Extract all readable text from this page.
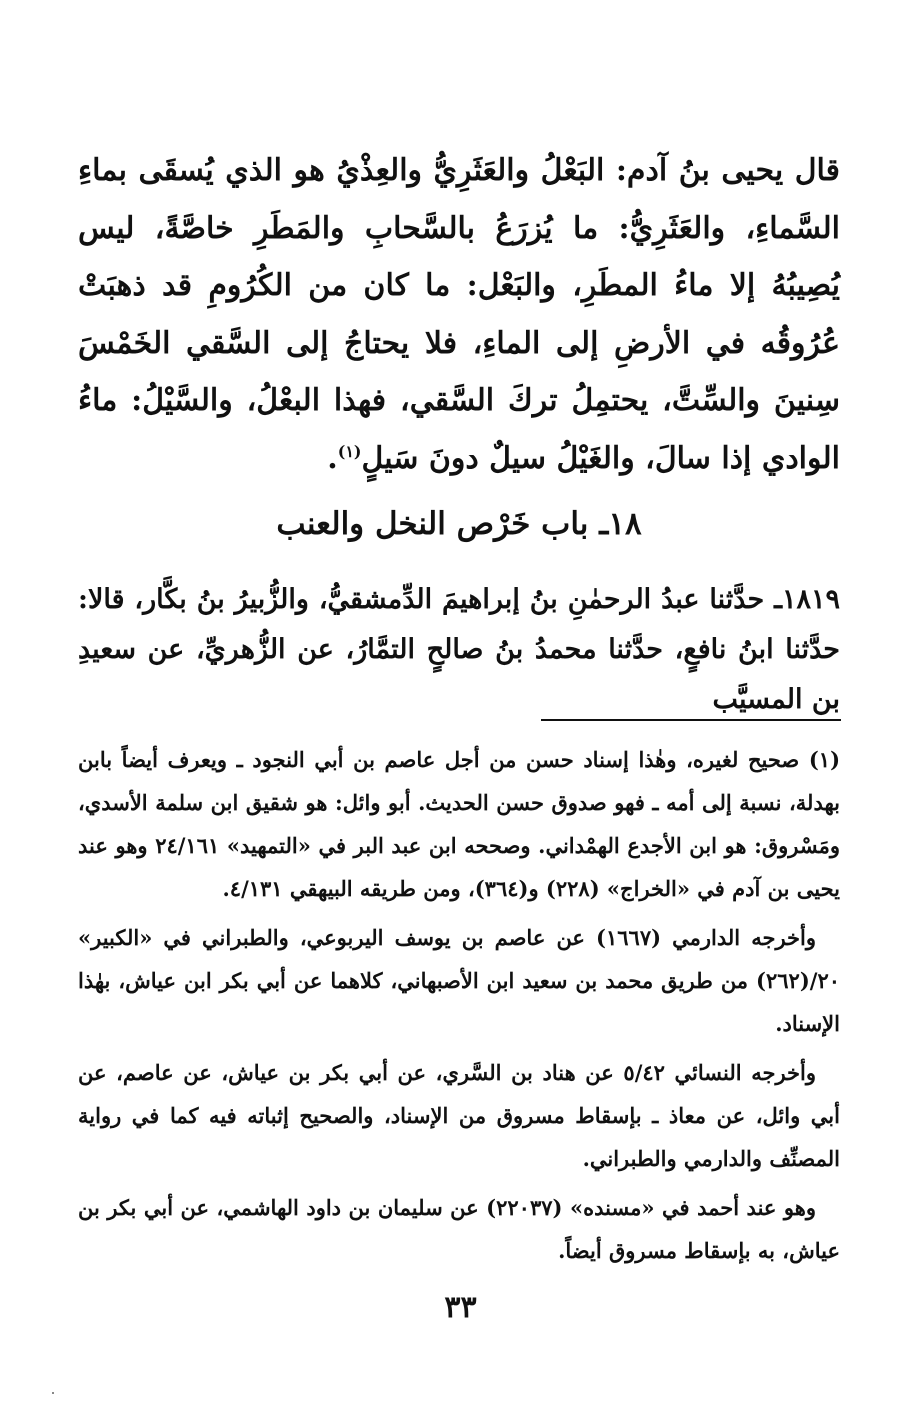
قال يحيى بنُ آدم: البَعْلُ والعَثَرِيُّ والعِذْيُ هو الذي يُسقَى بماءِ السَّماءِ، والعَثَرِيُّ: ما يُزرَعُ بالسَّحابِ والمَطَرِ خاصَّةً، ليس يُصِيبُهُ إلا ماءُ المطَرِ، والبَعْل: ما كان من الكُرُومِ قد ذهبَتْ عُرُوقُه في الأرضِ إلى الماءِ، فلا يحتاجُ إلى السَّقي الخَمْسَ سِنينَ والسِّتَّ، يحتمِلُ تركَ السَّقي، فهذا البعْلُ، والسَّيْلُ: ماءُ الوادي إذا سالَ، والغَيْلُ سيلٌ دونَ سَيلٍ$^{(١)}$.

١٨ـ باب خَرْص النخل والعنب

١٨١٩ـ حدَّثنا عبدُ الرحمٰنِ بنُ إبراهيمَ الدِّمشقيُّ، والزُّبيرُ بنُ بكَّار، قالا: حدَّثنا ابنُ نافعٍ، حدَّثنا محمدُ بنُ صالحٍ التمَّارُ، عن الزُّهريِّ، عن سعيدِ بن المسيَّب

(١) صحيح لغيره، وهٰذا إسناد حسن من أجل عاصم بن أبي النجود ـ ويعرف أيضاً بابن بهدلة، نسبة إلى أمه ـ فهو صدوق حسن الحديث. أبو وائل: هو شقيق ابن سلمة الأسدي، ومَسْروق: هو ابن الأجدع الهمْداني. وصححه ابن عبد البر في «التمهيد» ٢٤/١٦١ وهو عند يحيى بن آدم في «الخراج» (٢٢٨) و(٣٦٤)، ومن طريقه البيهقي ٤/١٣١.

وأخرجه الدارمي (١٦٦٧) عن عاصم بن يوسف اليربوعي، والطبراني في «الكبير» ٢٠/(٢٦٢) من طريق محمد بن سعيد ابن الأصبهاني، كلاهما عن أبي بكر ابن عياش، بهٰذا الإسناد.

وأخرجه النسائي ٥/٤٢ عن هناد بن السَّري، عن أبي بكر بن عياش، عن عاصم، عن أبي وائل، عن معاذ ـ بإسقاط مسروق من الإسناد، والصحيح إثباته فيه كما في رواية المصنِّف والدارمي والطبراني.

وهو عند أحمد في «مسنده» (٢٢٠٣٧) عن سليمان بن داود الهاشمي، عن أبي بكر بن عياش، به بإسقاط مسروق أيضاً.

٣٣
